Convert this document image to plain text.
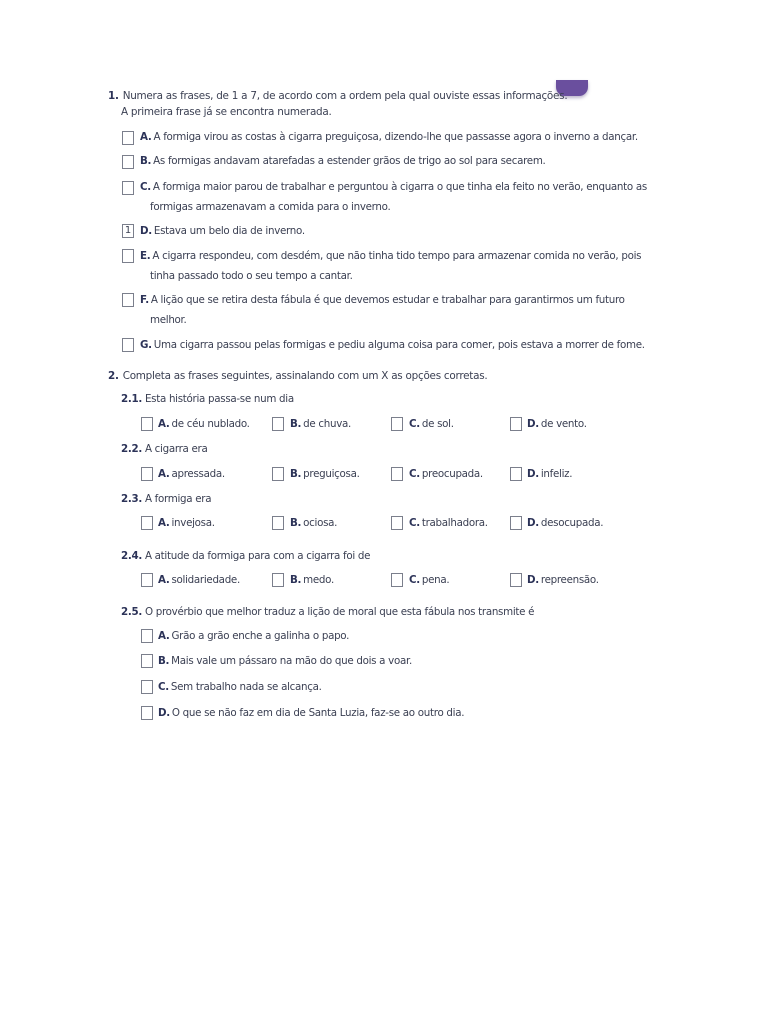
1. Numera as frases, de 1 a 7, de acordo com a ordem pela qual ouviste essas informações.
A primeira frase já se encontra numerada.
A. A formiga virou as costas à cigarra preguiçosa, dizendo-lhe que passasse agora o inverno a dançar.
B. As formigas andavam atarefadas a estender grãos de trigo ao sol para secarem.
C. A formiga maior parou de trabalhar e perguntou à cigarra o que tinha ela feito no verão, enquanto as
formigas armazenavam a comida para o inverno.
1 D. Estava um belo dia de inverno.
E. A cigarra respondeu, com desdém, que não tinha tido tempo para armazenar comida no verão, pois
tinha passado todo o seu tempo a cantar.
F. A lição que se retira desta fábula é que devemos estudar e trabalhar para garantirmos um futuro
melhor.
G. Uma cigarra passou pelas formigas e pediu alguma coisa para comer, pois estava a morrer de fome.
2. Completa as frases seguintes, assinalando com um X as opções corretas.
2.1. Esta história passa-se num dia
A. de céu nublado.	B. de chuva.	C. de sol.	D. de vento.
2.2. A cigarra era
A. apressada.	B. preguiçosa.	C. preocupada.	D. infeliz.
2.3. A formiga era
A. invejosa.	B. ociosa.	C. trabalhadora.	D. desocupada.
2.4. A atitude da formiga para com a cigarra foi de
A. solidariedade.	B. medo.	C. pena.	D. repreensão.
2.5. O provérbio que melhor traduz a lição de moral que esta fábula nos transmite é
A. Grão a grão enche a galinha o papo.
B. Mais vale um pássaro na mão do que dois a voar.
C. Sem trabalho nada se alcança.
D. O que se não faz em dia de Santa Luzia, faz-se ao outro dia.
